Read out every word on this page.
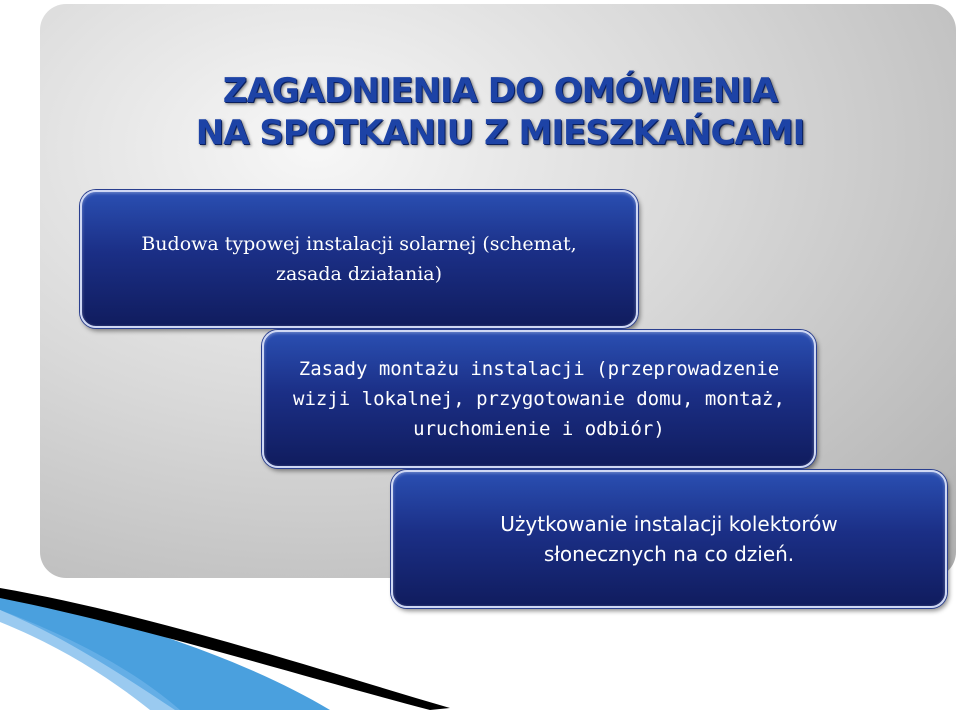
ZAGADNIENIA DO OMÓWIENIA
NA SPOTKANIU Z MIESZKAŃCAMI
Budowa typowej instalacji solarnej (schemat,
zasada działania)
Zasady montażu instalacji (przeprowadzenie
wizji lokalnej, przygotowanie domu, montaż,
uruchomienie i odbiór)
Użytkowanie instalacji kolektorów
słonecznych na co dzień.
